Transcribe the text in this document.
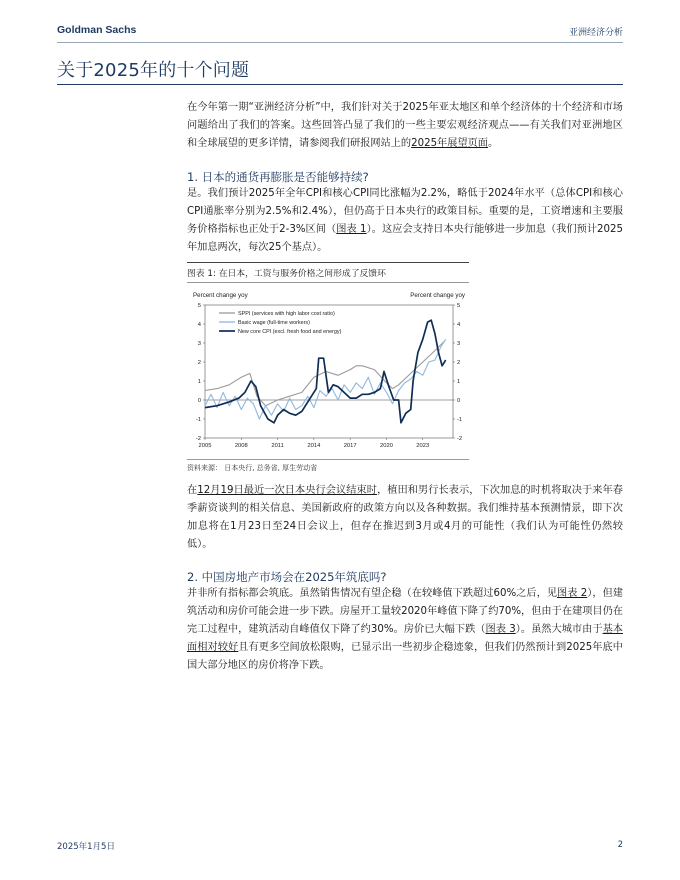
Goldman Sachs	亚洲经济分析
关于2025年的十个问题

在今年第一期“亚洲经济分析”中，我们针对关于2025年亚太地区和单个经济体的十个经济和市场问题给出了我们的答案。这些回答凸显了我们的一些主要宏观经济观点——有关我们对亚洲地区和全球展望的更多详情，请参阅我们研报网站上的2025年展望页面。

1. 日本的通货再膨胀是否能够持续?

是。我们预计2025年全年CPI和核心CPI同比涨幅为2.2%，略低于2024年水平（总体CPI和核心CPI通胀率分别为2.5%和2.4%），但仍高于日本央行的政策目标。重要的是，工资增速和主要服务价格指标也正处于2-3%区间（图表 1）。这应会支持日本央行能够进一步加息（我们预计2025年加息两次，每次25个基点）。

图表 1: 在日本，工资与服务价格之间形成了反馈环
Percent change yoy	Percent change yoy
-2	-2
-1	-1
0	0
1	1
2	2
3	3
4	4
5	5
2005	2008	2011	2014	2017	2020	2023
SPPI (services with high labor cost ratio)
Basic wage (full-time workers)
New core CPI (excl. fresh food and energy)
资料来源： 日本央行, 总务省, 厚生劳动省

在12月19日最近一次日本央行会议结束时，植田和男行长表示，下次加息的时机将取决于来年春季薪资谈判的相关信息、美国新政府的政策方向以及各种数据。我们维持基本预测情景，即下次加息将在1月23日至24日会议上，但存在推迟到3月或4月的可能性（我们认为可能性仍然较低）。

2. 中国房地产市场会在2025年筑底吗?

并非所有指标都会筑底。虽然销售情况有望企稳（在较峰值下跌超过60%之后，见图表 2），但建筑活动和房价可能会进一步下跌。房屋开工量较2020年峰值下降了约70%，但由于在建项目仍在完工过程中，建筑活动自峰值仅下降了约30%。房价已大幅下跌（图表 3）。虽然大城市由于基本面相对较好且有更多空间放松限购，已显示出一些初步企稳迹象，但我们仍然预计到2025年底中国大部分地区的房价将净下跌。

2025年1月5日	2
